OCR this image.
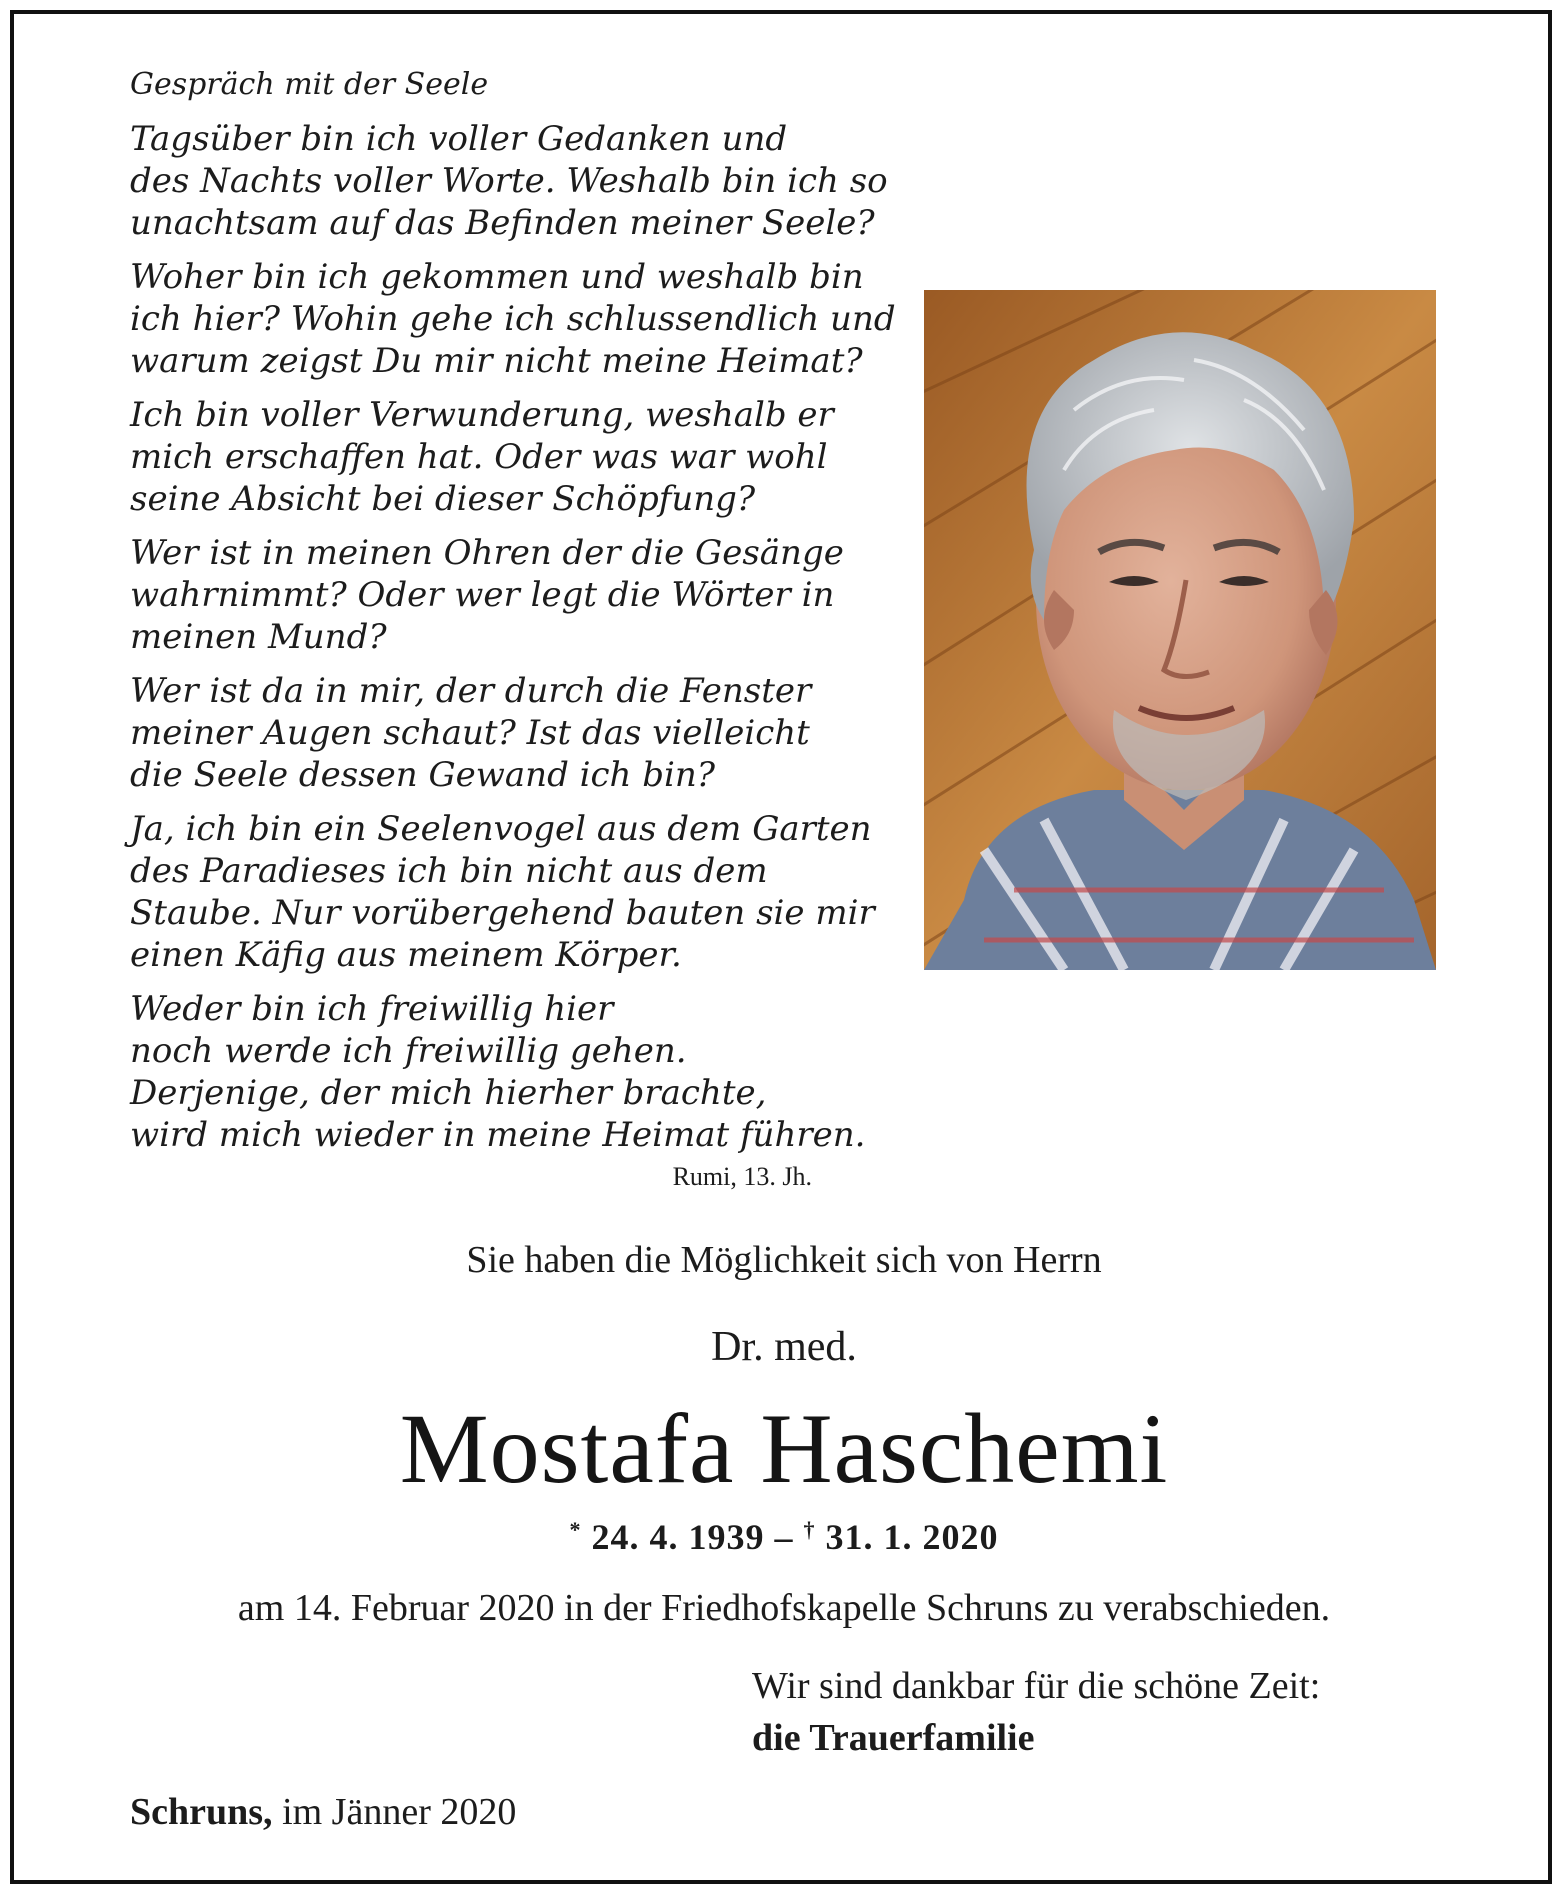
Gespräch mit der Seele
Tagsüber bin ich voller Gedanken und
des Nachts voller Worte. Weshalb bin ich so
unachtsam auf das Befinden meiner Seele?
Woher bin ich gekommen und weshalb bin
ich hier? Wohin gehe ich schlussendlich und
warum zeigst Du mir nicht meine Heimat?
Ich bin voller Verwunderung, weshalb er
mich erschaffen hat. Oder was war wohl
seine Absicht bei dieser Schöpfung?
Wer ist in meinen Ohren der die Gesänge
wahrnimmt? Oder wer legt die Wörter in
meinen Mund?
Wer ist da in mir, der durch die Fenster
meiner Augen schaut? Ist das vielleicht
die Seele dessen Gewand ich bin?
Ja, ich bin ein Seelenvogel aus dem Garten
des Paradieses ich bin nicht aus dem
Staube. Nur vorübergehend bauten sie mir
einen Käfig aus meinem Körper.
Weder bin ich freiwillig hier
noch werde ich freiwillig gehen.
Derjenige, der mich hierher brachte,
wird mich wieder in meine Heimat führen.
Rumi, 13. Jh.
Sie haben die Möglichkeit sich von Herrn
Dr. med.
Mostafa Haschemi
* 24. 4. 1939 – † 31. 1. 2020
am 14. Februar 2020 in der Friedhofskapelle Schruns zu verabschieden.
Wir sind dankbar für die schöne Zeit:
die Trauerfamilie
Schruns, im Jänner 2020
